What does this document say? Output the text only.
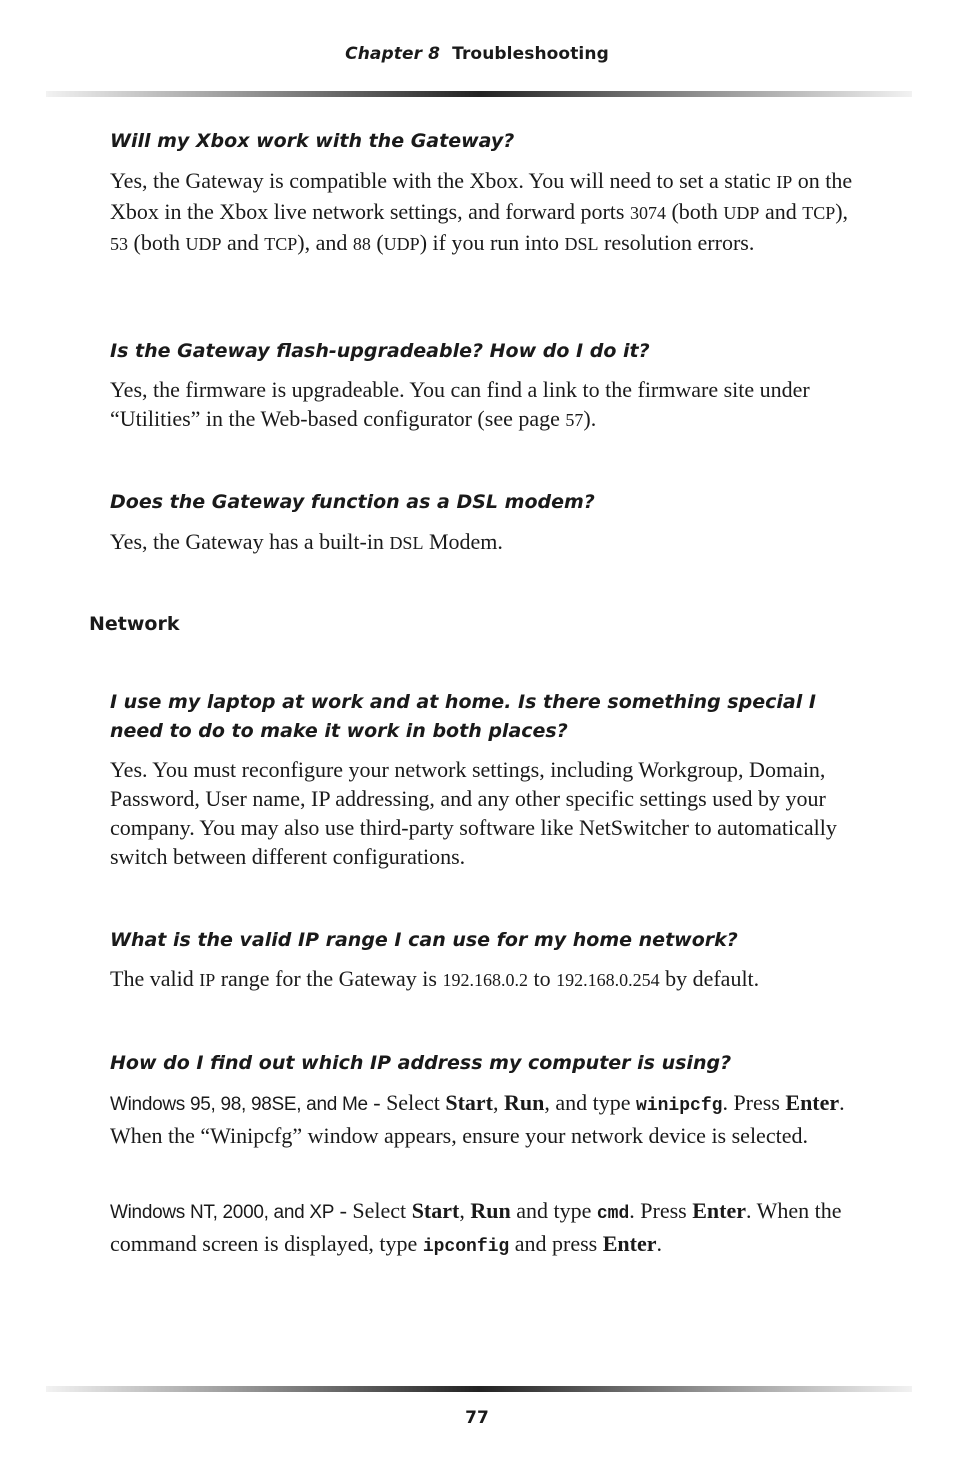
Chapter 8 Troubleshooting
Will my Xbox work with the Gateway?
Yes, the Gateway is compatible with the Xbox. You will need to set a static IP on the Xbox in the Xbox live network settings, and forward ports 3074 (both UDP and TCP), 53 (both UDP and TCP), and 88 (UDP) if you run into DSL resolution errors.
Is the Gateway flash-upgradeable? How do I do it?
Yes, the firmware is upgradeable. You can find a link to the firmware site under “Utilities” in the Web-based configurator (see page 57).
Does the Gateway function as a DSL modem?
Yes, the Gateway has a built-in DSL Modem.
Network
I use my laptop at work and at home. Is there something special I need to do to make it work in both places?
Yes. You must reconfigure your network settings, including Workgroup, Domain, Password, User name, IP addressing, and any other specific settings used by your company. You may also use third-party software like NetSwitcher to automatically switch between different configurations.
What is the valid IP range I can use for my home network?
The valid IP range for the Gateway is 192.168.0.2 to 192.168.0.254 by default.
How do I find out which IP address my computer is using?
Windows 95, 98, 98SE, and Me - Select Start, Run, and type winipcfg. Press Enter. When the “Winipcfg” window appears, ensure your network device is selected.
Windows NT, 2000, and XP - Select Start, Run and type cmd. Press Enter. When the command screen is displayed, type ipconfig and press Enter.
77
